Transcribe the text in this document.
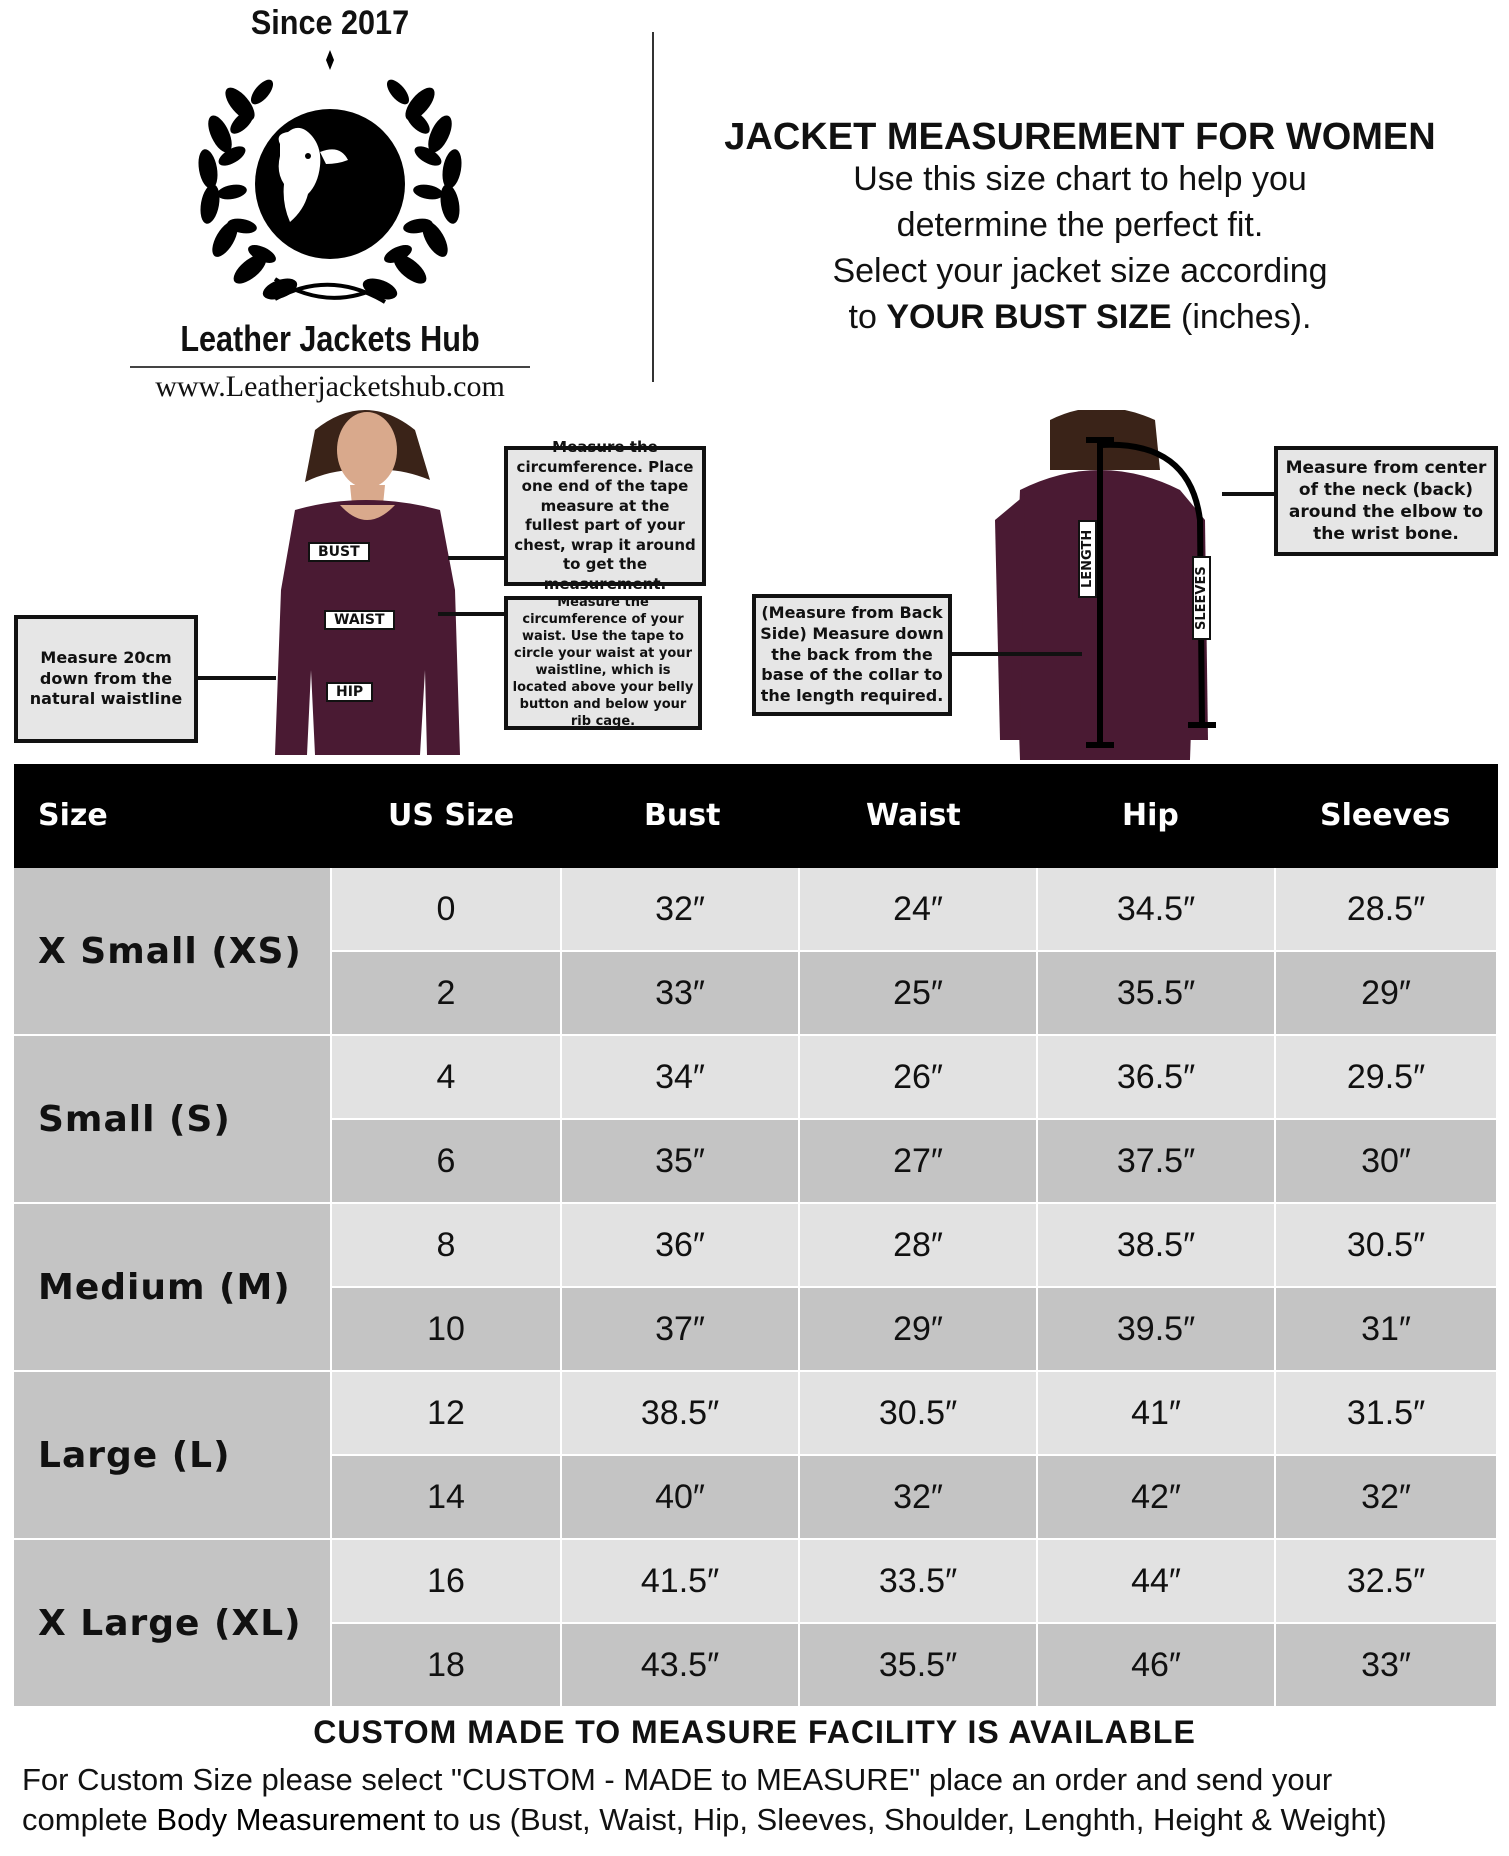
Since 2017
Leather Jackets Hub
www.Leatherjacketshub.com
JACKET MEASUREMENT FOR WOMEN
Use this size chart to help you
determine the perfect fit.
Select your jacket size according
to YOUR BUST SIZE (inches).
BUST
WAIST
HIP
Measure the circumference. Place one end of the tape measure at the fullest part of your chest, wrap it around to get the measurement.
Measure the circumference of your waist. Use the tape to circle your waist at your waistline, which is located above your belly button and below your rib cage.
Measure 20cm down from the natural waistline
LENGTH
SLEEVES
(Measure from Back Side) Measure down the back from the base of the collar to the length required.
Measure from center of the neck (back) around the elbow to the wrist bone.
Size	US Size	Bust	Waist	Hip	Sleeves
X Small (XS)
0	32″	24″	34.5″	28.5″
2	33″	25″	35.5″	29″
Small (S)
4	34″	26″	36.5″	29.5″
6	35″	27″	37.5″	30″
Medium (M)
8	36″	28″	38.5″	30.5″
10	37″	29″	39.5″	31″
Large (L)
12	38.5″	30.5″	41″	31.5″
14	40″	32″	42″	32″
X Large (XL)
16	41.5″	33.5″	44″	32.5″
18	43.5″	35.5″	46″	33″
CUSTOM MADE TO MEASURE FACILITY IS AVAILABLE
For Custom Size please select "CUSTOM - MADE to MEASURE" place an order and send your
complete Body Measurement to us (Bust, Waist, Hip, Sleeves, Shoulder, Lenghth, Height & Weight)
